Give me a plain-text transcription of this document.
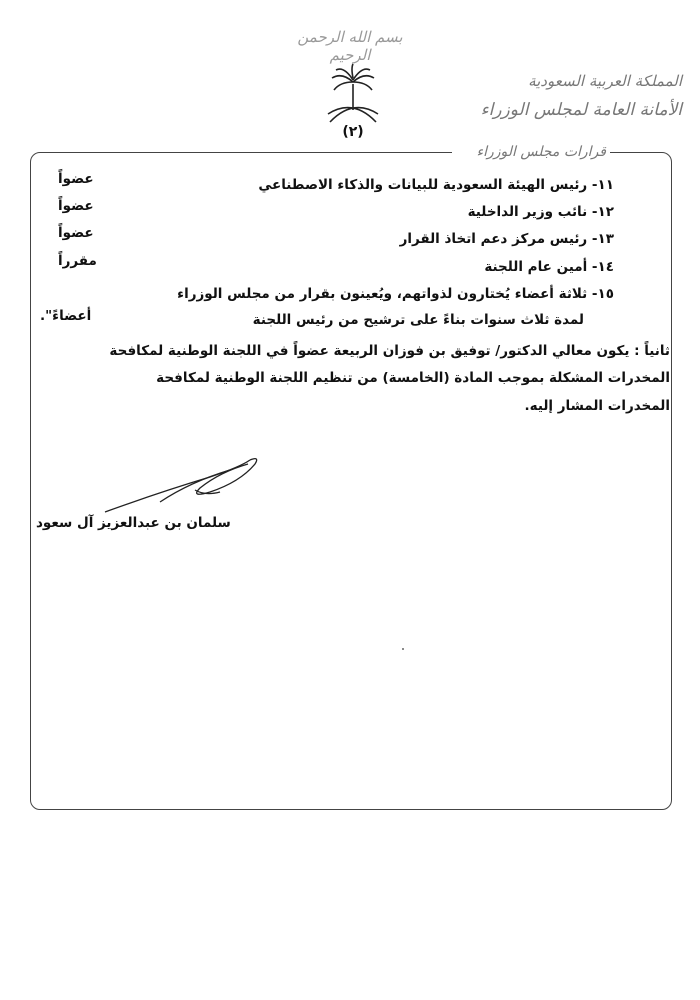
بسم الله الرحمن الرحيم
(٢)
المملكة العربية السعودية
الأمانة العامة لمجلس الوزراء
قرارات مجلس الوزراء
١١- رئيس الهيئة السعودية للبيانات والذكاء الاصطناعي
عضواً
١٢- نائب وزير الداخلية
عضواً
١٣- رئيس مركز دعم اتخاذ القرار
عضواً
١٤- أمين عام اللجنة
مقرراً
١٥- ثلاثة أعضاء يُختارون لذواتهم، ويُعينون بقرار من مجلس الوزراء
لمدة ثلاث سنوات بناءً على ترشيح من رئيس اللجنة
أعضاءً".
ثانياً : يكون معالي الدكتور/ توفيق بن فوزان الربيعة عضواً في اللجنة الوطنية لمكافحة
المخدرات المشكلة بموجب المادة (الخامسة) من تنظيم اللجنة الوطنية لمكافحة
المخدرات المشار إليه.
سلمان بن عبدالعزيز آل سعود
